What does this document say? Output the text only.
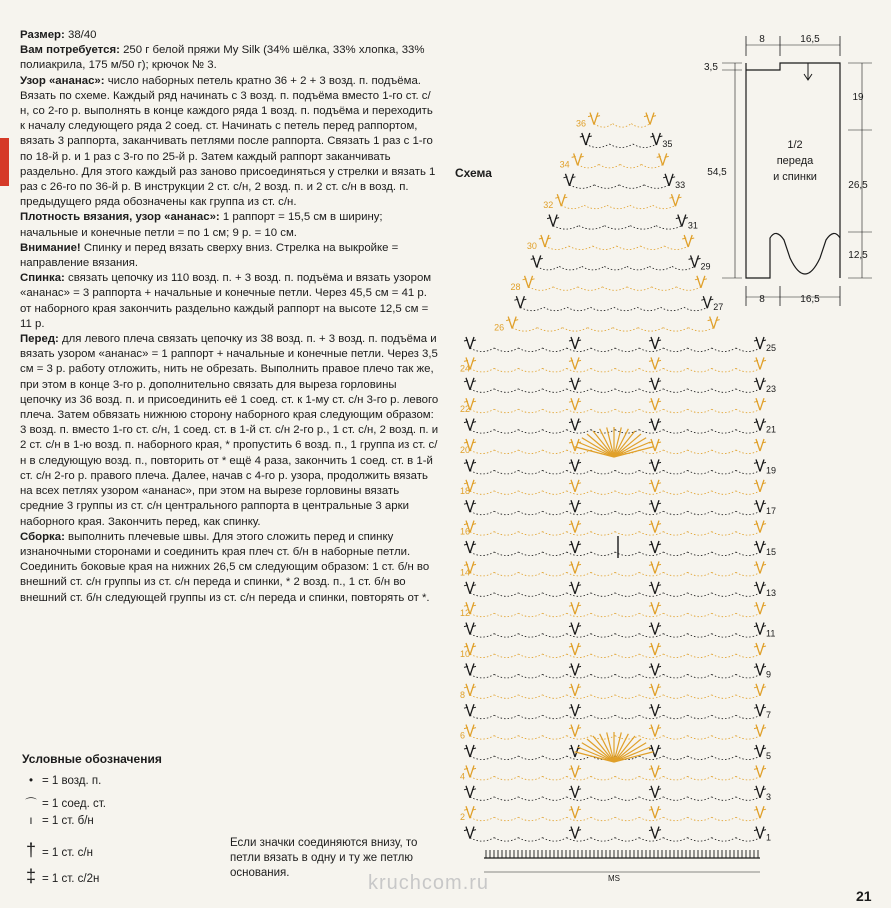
Размер: 38/40

Вам потребуется: 250 г белой пряжи My Silk (34% шёлка, 33% хлопка, 33% полиакрила, 175 м/50 г); крючок № 3.

Узор «ананас»: число наборных петель кратно 36 + 2 + 3 возд. п. подъёма. Вязать по схеме. Каждый ряд начинать с 3 возд. п. подъёма вместо 1-го ст. с/н, со 2-го р. выполнять в конце каждого ряда 1 возд. п. подъёма и переходить к началу следующего ряда 2 соед. ст. Начинать с петель перед раппортом, вязать 3 раппорта, заканчивать петлями после раппорта. Связать 1 раз с 1-го по 18-й р. и 1 раз с 3-го по 25-й р. Затем каждый раппорт заканчивать раздельно. Для этого каждый раз заново присоединяться у стрелки и вязать 1 раз с 26-го по 36-й р. В инструкции 2 ст. с/н, 2 возд. п. и 2 ст. с/н в возд. п. предыдущего ряда обозначены как группа из ст. с/н.

Плотность вязания, узор «ананас»: 1 раппорт = 15,5 см в ширину; начальные и конечные петли = по 1 см; 9 р. = 10 см.

Внимание! Спинку и перед вязать сверху вниз. Стрелка на выкройке = направление вязания.

Спинка: связать цепочку из 110 возд. п. + 3 возд. п. подъёма и вязать узором «ананас» = 3 раппорта + начальные и конечные петли. Через 45,5 см = 41 р. от наборного края закончить раздельно каждый раппорт на высоте 12,5 см = 11 р.

Перед: для левого плеча связать цепочку из 38 возд. п. + 3 возд. п. подъёма и вязать узором «ананас» = 1 раппорт + начальные и конечные петли. Через 3,5 см = 3 р. работу отложить, нить не обрезать. Выполнить правое плечо так же, при этом в конце 3-го р. дополнительно связать для выреза горловины цепочку из 36 возд. п. и присоединить её 1 соед. ст. к 1-му ст. с/н 3-го р. левого плеча. Затем обвязать нижнюю сторону наборного края следующим образом: 3 возд. п. вместо 1-го ст. с/н, 1 соед. ст. в 1-й ст. с/н 2-го р., 1 ст. с/н, 2 возд. п. и 2 ст. с/н в 1-ю возд. п. наборного края, * пропустить 6 возд. п., 1 группа из ст. с/н в следующую возд. п., повторить от * ещё 4 раза, закончить 1 соед. ст. в 1-й ст. с/н 2-го р. правого плеча. Далее, начав с 4-го р. узора, продолжить вязать на всех петлях узором «ананас», при этом на вырезе горловины вязать средние 3 группы из ст. с/н центрального раппорта в центральные 3 арки наборного края. Закончить перед, как спинку.

Сборка: выполнить плечевые швы. Для этого сложить перед и спинку изнаночными сторонами и соединить края плеч ст. б/н в наборные петли. Соединить боковые края на нижних 26,5 см следующим образом: 1 ст. б/н во внешний ст. с/н группы из ст. с/н переда и спинки, * 2 возд. п., 1 ст. б/н во внешний ст. б/н следующей группы из ст. с/н переда и спинки, повторять от *.

Условные обозначения
• = 1 возд. п.
⌒ = 1 соед. ст.
ı = 1 ст. б/н
† = 1 ст. с/н
‡ = 1 ст. с/2н
Если значки соединяются внизу, то петли вязать в одну и ту же петлю основания.
Схема
1
2
3
4
5
6
7
8
9
10
11
12
13
14
15
16
17
18
19
20
21
22
23
24
25
26
27
28
29
30
31
32
33
34
35
36
MS
8	16,5
3,5
54,5
19
26,5
12,5
8	16,5
1/2
переда
и спинки
kruchcom.ru
21
